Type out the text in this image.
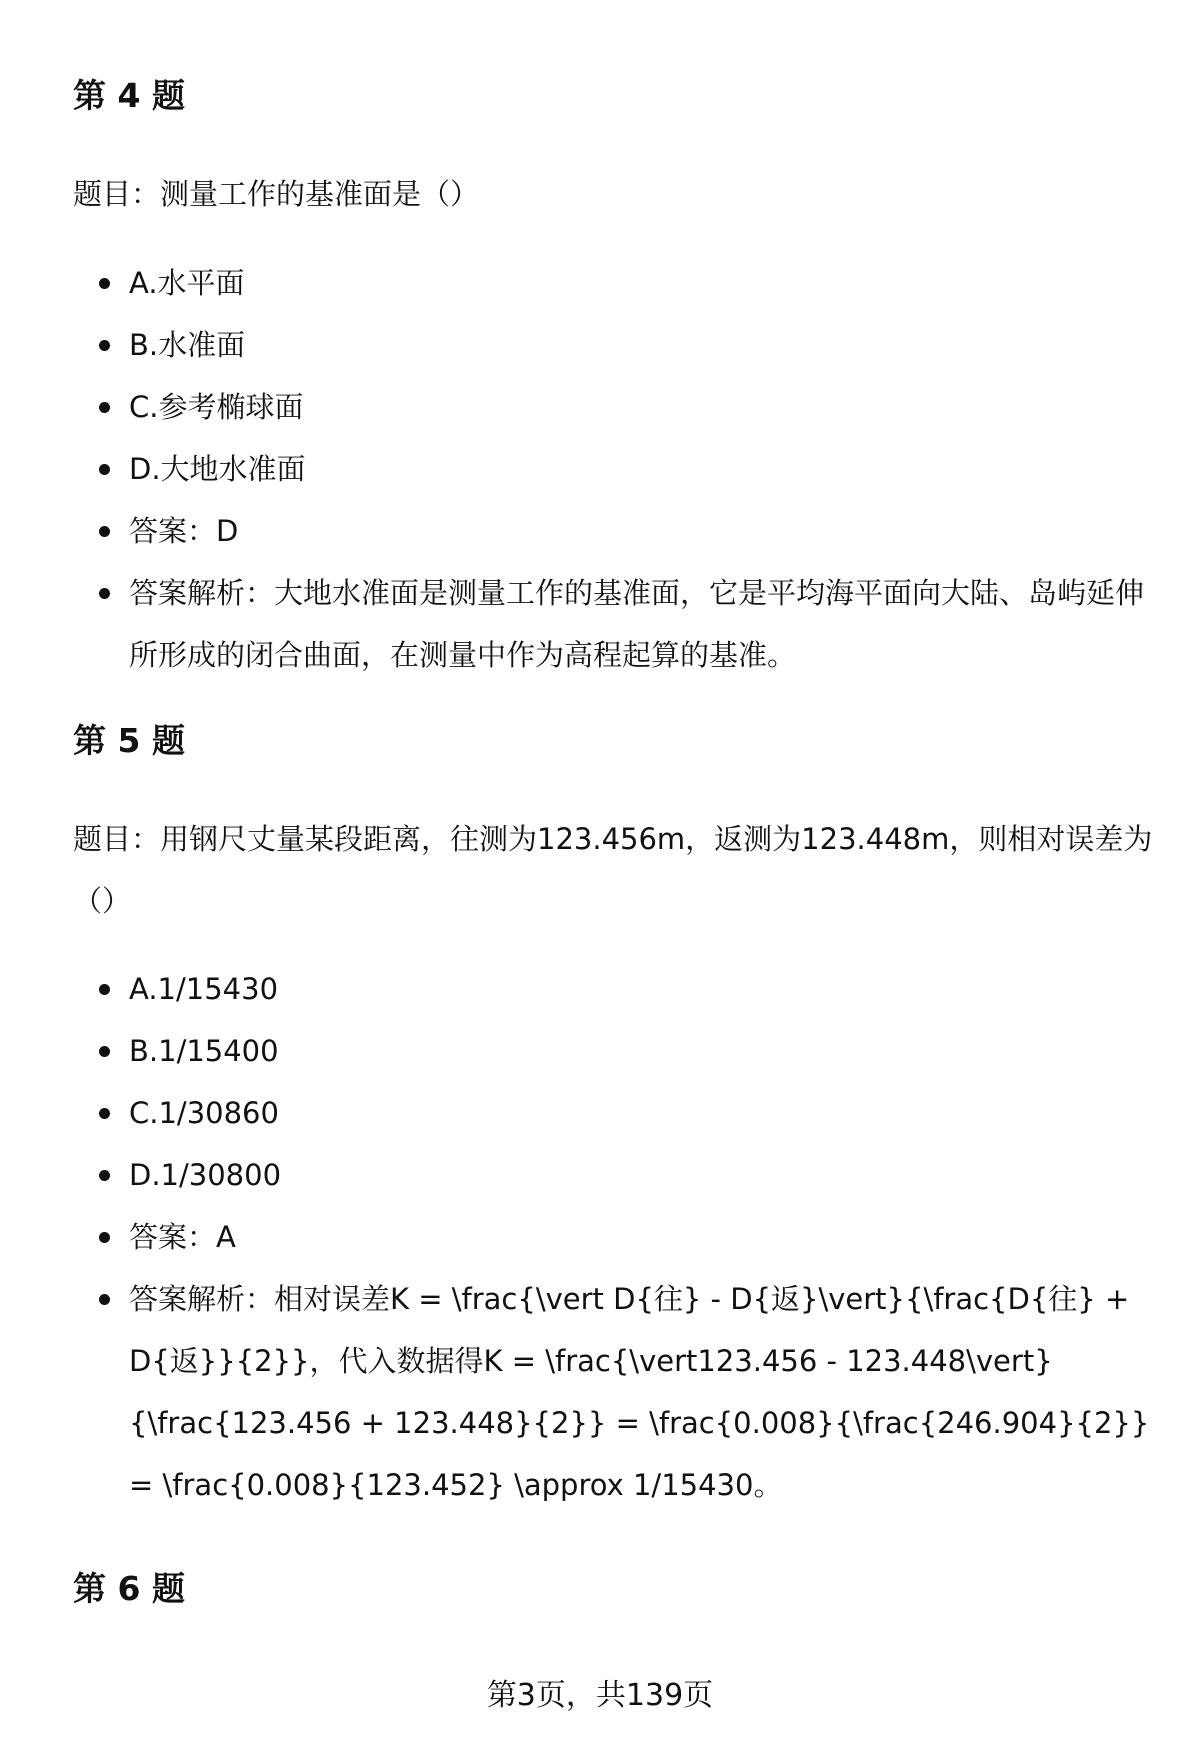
第 4 题
题目：测量工作的基准面是（）
A.水平面
B.水准面
C.参考椭球面
D.大地水准面
答案：D
答案解析：大地水准面是测量工作的基准面，它是平均海平面向大陆、岛屿延伸所形成的闭合曲面，在测量中作为高程起算的基准。
第 5 题
题目：用钢尺丈量某段距离，往测为123.456m，返测为123.448m，则相对误差为（）
A.1/15430
B.1/15400
C.1/30860
D.1/30800
答案：A
答案解析：相对误差K = \frac{\vert D{往} - D{返}\vert}{\frac{D{往} + D{返}}{2}}，代入数据得K = \frac{\vert123.456 - 123.448\vert}{\frac{123.456 + 123.448}{2}} = \frac{0.008}{\frac{246.904}{2}} = \frac{0.008}{123.452} \approx 1/15430。
第 6 题
第3页，共139页
